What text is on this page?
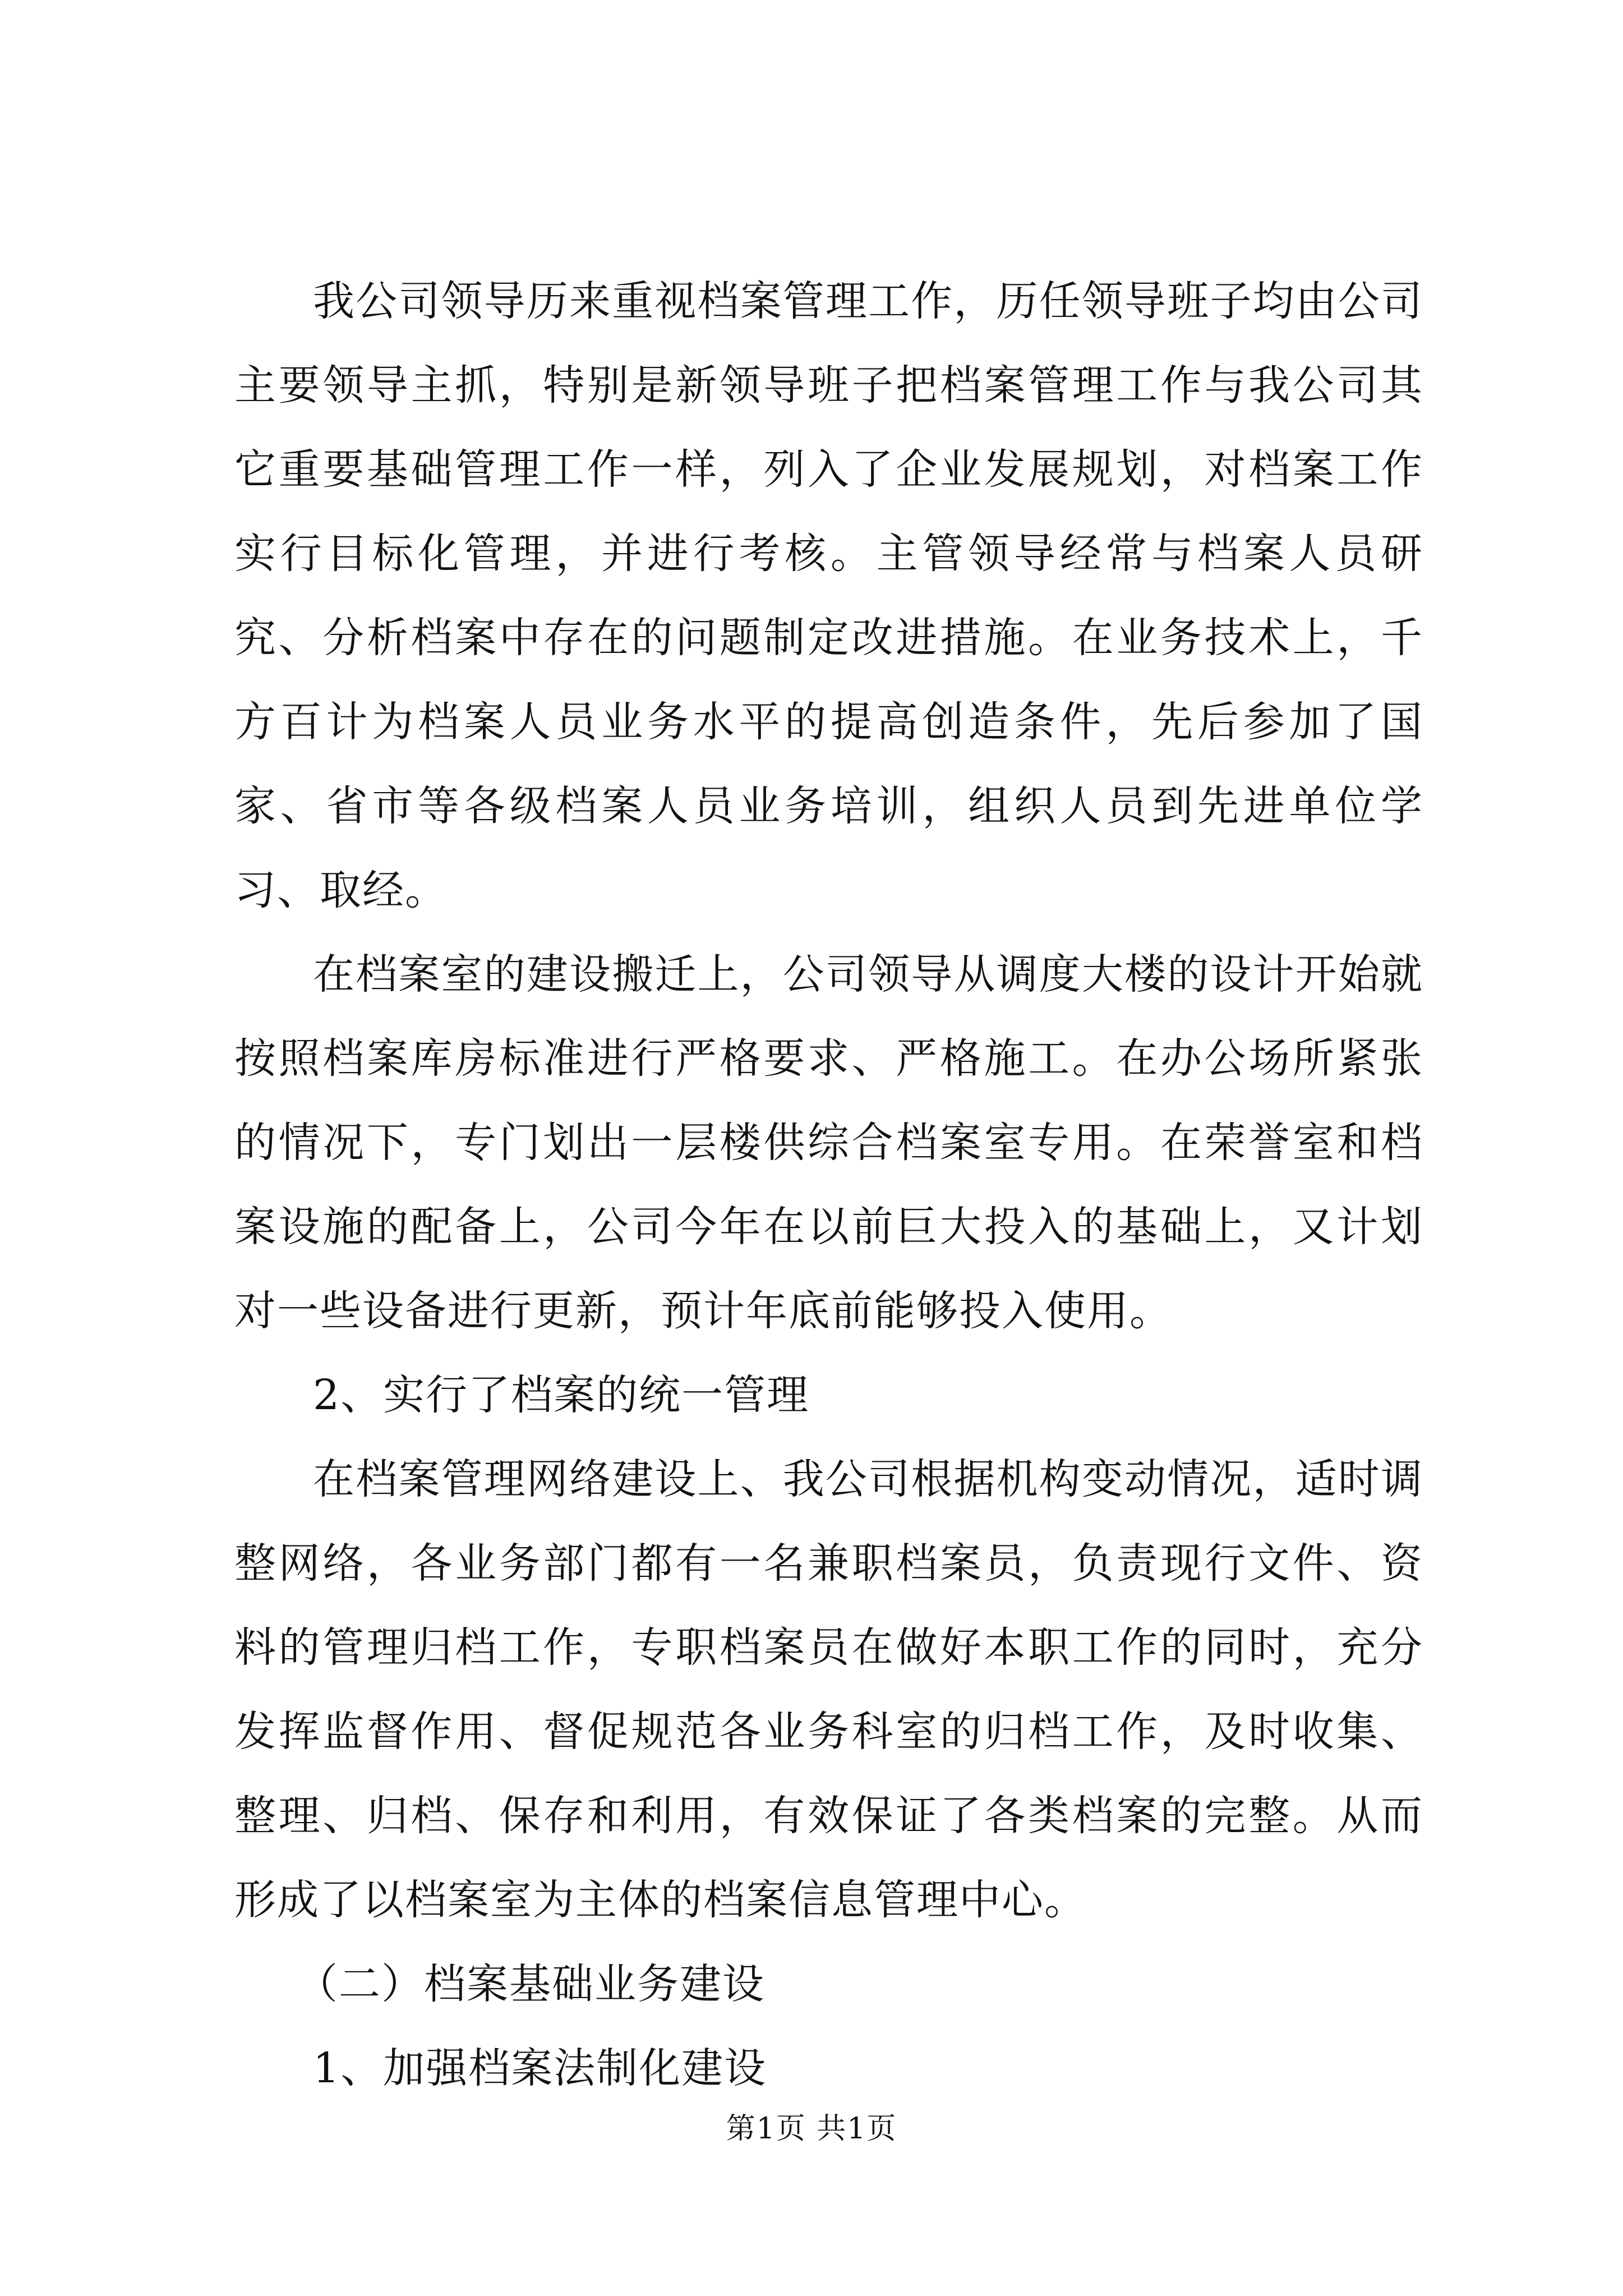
我公司领导历来重视档案管理工作，历任领导班子均由公司主要领导主抓，特别是新领导班子把档案管理工作与我公司其它重要基础管理工作一样，列入了企业发展规划，对档案工作实行目标化管理，并进行考核。主管领导经常与档案人员研究、分析档案中存在的问题制定改进措施。在业务技术上，千方百计为档案人员业务水平的提高创造条件，先后参加了国家、省市等各级档案人员业务培训，组织人员到先进单位学习、取经。

在档案室的建设搬迁上，公司领导从调度大楼的设计开始就按照档案库房标准进行严格要求、严格施工。在办公场所紧张的情况下，专门划出一层楼供综合档案室专用。在荣誉室和档案设施的配备上，公司今年在以前巨大投入的基础上，又计划对一些设备进行更新，预计年底前能够投入使用。

2、实行了档案的统一管理

在档案管理网络建设上、我公司根据机构变动情况，适时调整网络，各业务部门都有一名兼职档案员，负责现行文件、资料的管理归档工作，专职档案员在做好本职工作的同时，充分发挥监督作用、督促规范各业务科室的归档工作，及时收集、整理、归档、保存和利用，有效保证了各类档案的完整。从而形成了以档案室为主体的档案信息管理中心。

（二）档案基础业务建设

1、加强档案法制化建设

第1页 共1页
